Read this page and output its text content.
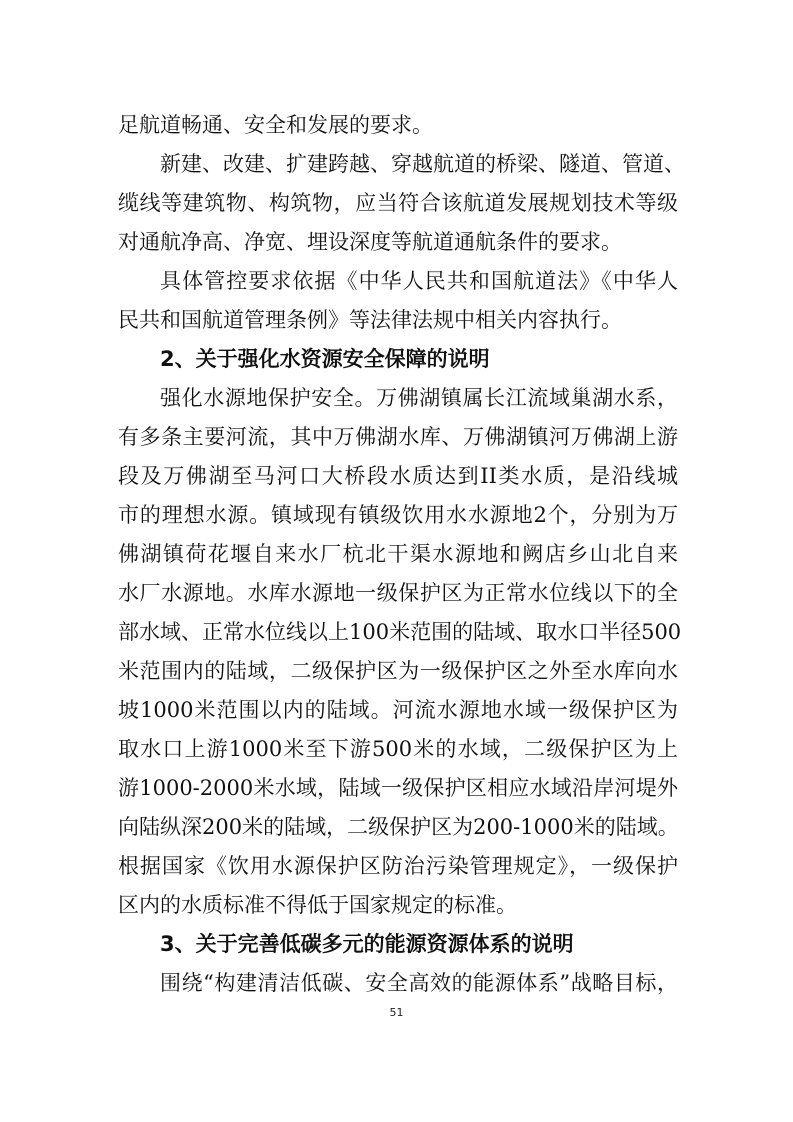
足航道畅通、安全和发展的要求。
新建、改建、扩建跨越、穿越航道的桥梁、隧道、管道、
缆线等建筑物、构筑物，应当符合该航道发展规划技术等级
对通航净高、净宽、埋设深度等航道通航条件的要求。
具体管控要求依据《中华人民共和国航道法》《中华人
民共和国航道管理条例》等法律法规中相关内容执行。
2、关于强化水资源安全保障的说明
强化水源地保护安全。万佛湖镇属长江流域巢湖水系，
有多条主要河流，其中万佛湖水库、万佛湖镇河万佛湖上游
段及万佛湖至马河口大桥段水质达到II类水质，是沿线城
市的理想水源。镇域现有镇级饮用水水源地2个，分别为万
佛湖镇荷花堰自来水厂杭北干渠水源地和阙店乡山北自来
水厂水源地。水库水源地一级保护区为正常水位线以下的全
部水域、正常水位线以上100米范围的陆域、取水口半径500
米范围内的陆域，二级保护区为一级保护区之外至水库向水
坡1000米范围以内的陆域。河流水源地水域一级保护区为
取水口上游1000米至下游500米的水域，二级保护区为上
游1000-2000米水域，陆域一级保护区相应水域沿岸河堤外
向陆纵深200米的陆域，二级保护区为200-1000米的陆域。
根据国家《饮用水源保护区防治污染管理规定》，一级保护
区内的水质标准不得低于国家规定的标准。
3、关于完善低碳多元的能源资源体系的说明
围绕“构建清洁低碳、安全高效的能源体系”战略目标，
51
